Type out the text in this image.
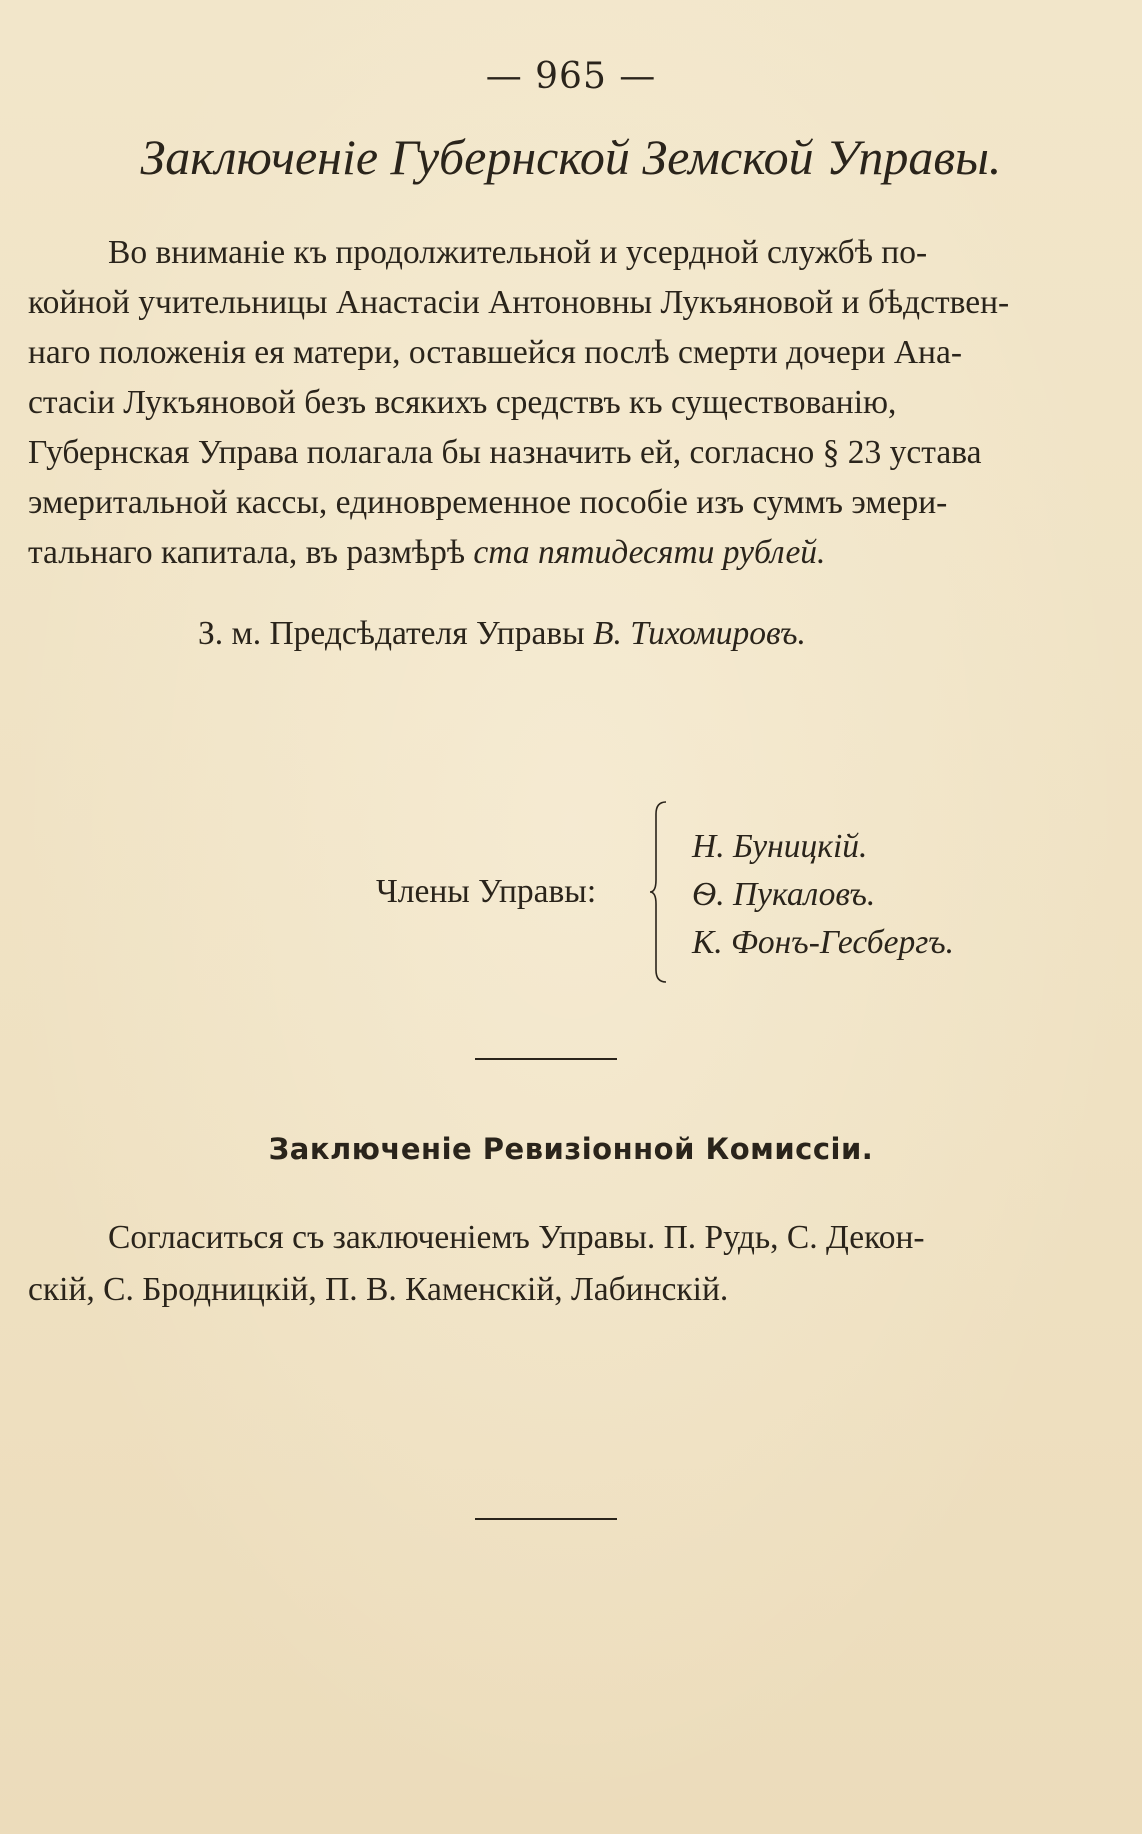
— 965 —
Заключеніе Губернской Земской Управы.
Во вниманіе къ продолжительной и усердной службѣ по-
койной учительницы Анастасіи Антоновны Лукъяновой и бѣдствен-
наго положенія ея матери, оставшейся послѣ смерти дочери Ана-
стасіи Лукъяновой безъ всякихъ средствъ къ существованію,
Губернская Управа полагала бы назначить ей, согласно § 23 устава
эмеритальной кассы, единовременное пособіе изъ суммъ эмери-
тальнаго капитала, въ размѣрѣ ста пятидесяти рублей.
З. м. Предсѣдателя Управы В. Тихомировъ.
Члены Управы:
Н. Буницкій.
Ѳ. Пукаловъ.
К. Фонъ-Гесбергъ.
Заключеніе Ревизіонной Комиссіи.
Согласиться съ заключеніемъ Управы. П. Рудь, С. Декон-
скій, С. Бродницкій, П. В. Каменскій, Лабинскій.
